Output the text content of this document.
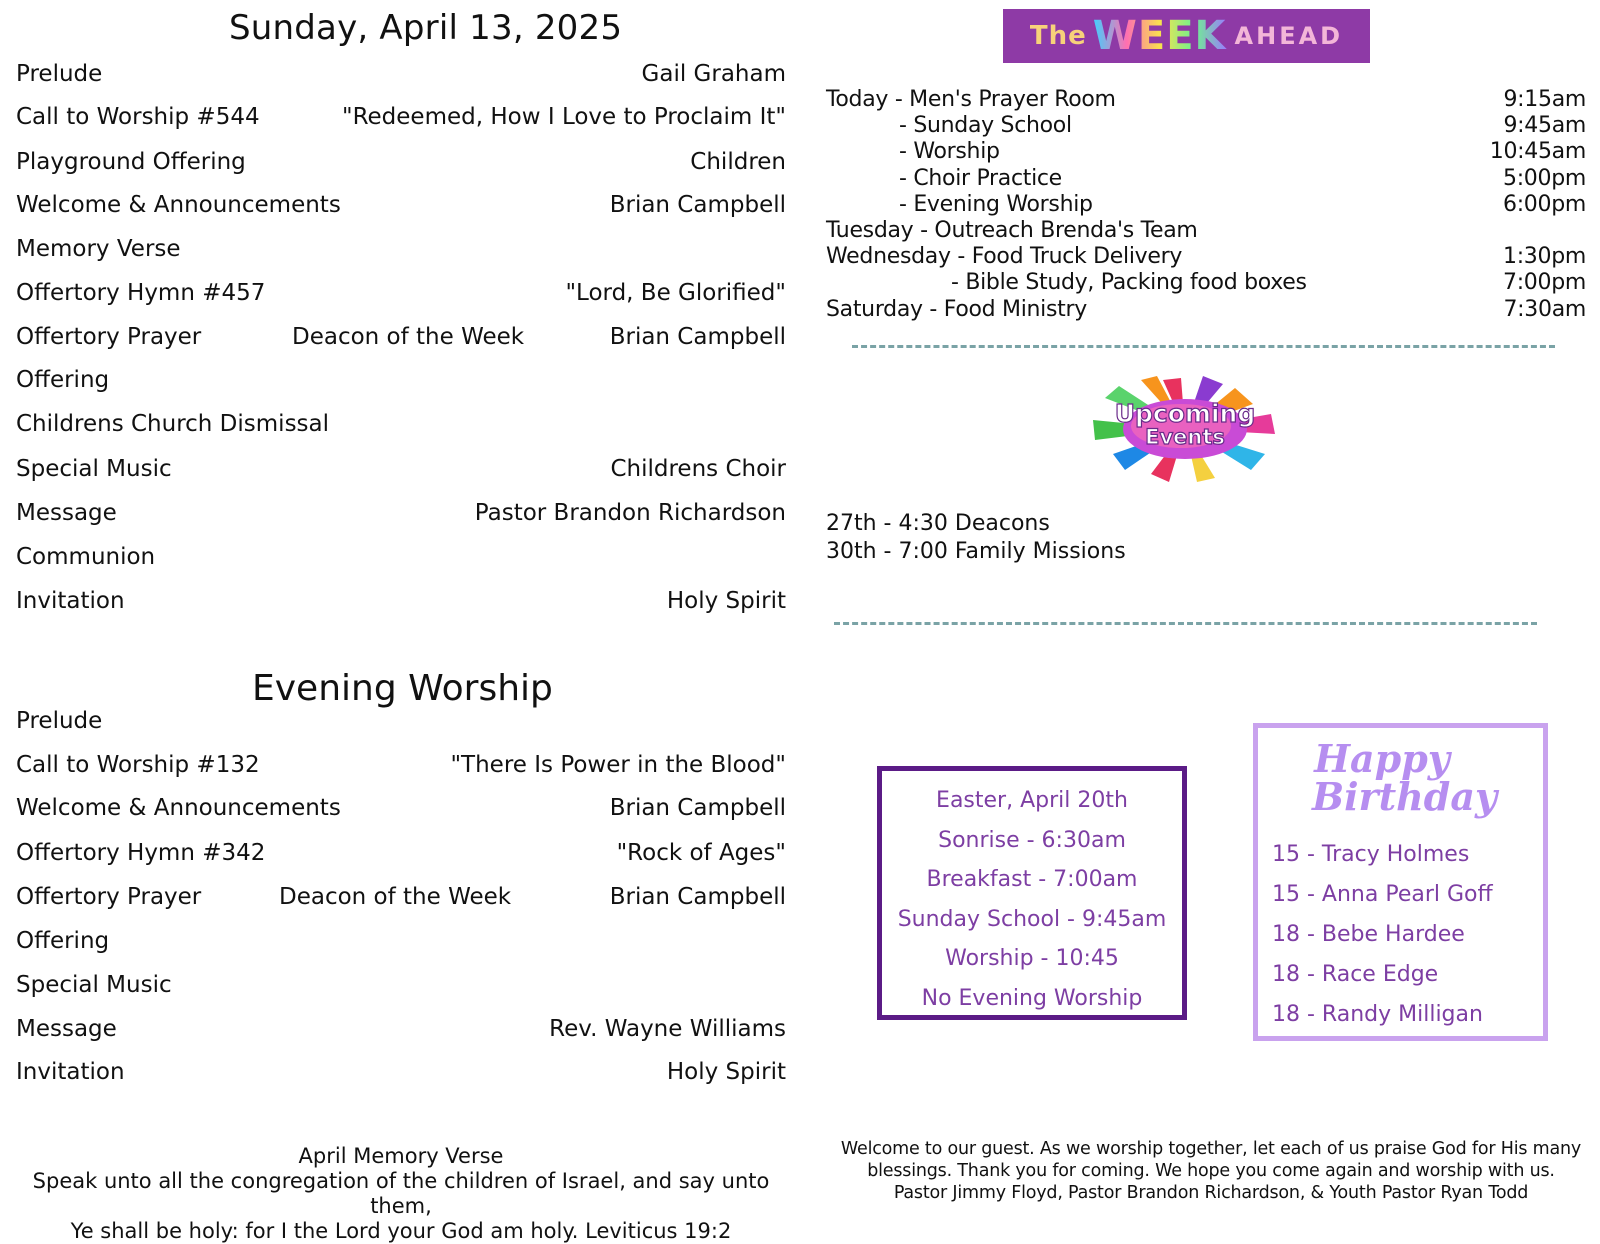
Sunday, April 13, 2025
Prelude	Gail Graham
Call to Worship #544	"Redeemed, How I Love to Proclaim It"
Playground Offering	Children
Welcome & Announcements	Brian Campbell
Memory Verse
Offertory Hymn #457	"Lord, Be Glorified"
Offertory Prayer	Deacon of the Week	Brian Campbell
Offering
Childrens Church Dismissal
Special Music	Childrens Choir
Message	Pastor Brandon Richardson
Communion
Invitation	Holy Spirit
Evening Worship
Prelude
Call to Worship #132	"There Is Power in the Blood"
Welcome & Announcements	Brian Campbell
Offertory Hymn #342	"Rock of Ages"
Offertory Prayer	Deacon of the Week	Brian Campbell
Offering
Special Music
Message	Rev. Wayne Williams
Invitation	Holy Spirit
April Memory Verse
Speak unto all the congregation of the children of Israel, and say unto them,
Ye shall be holy: for I the Lord your God am holy. Leviticus 19:2
The WEEK AHEAD
Today - Men's Prayer Room	9:15am
- Sunday School	9:45am
- Worship	10:45am
- Choir Practice	5:00pm
- Evening Worship	6:00pm
Tuesday - Outreach Brenda's Team
Wednesday - Food Truck Delivery	1:30pm
- Bible Study, Packing food boxes	7:00pm
Saturday - Food Ministry	7:30am
Upcoming
Events
27th - 4:30 Deacons
30th - 7:00 Family Missions
Easter, April 20th
Sonrise - 6:30am
Breakfast - 7:00am
Sunday School - 9:45am
Worship - 10:45
No Evening Worship
Happy
Birthday
15 - Tracy Holmes
15 - Anna Pearl Goff
18 - Bebe Hardee
18 - Race Edge
18 - Randy Milligan
Welcome to our guest. As we worship together, let each of us praise God for His many
blessings. Thank you for coming. We hope you come again and worship with us.
Pastor Jimmy Floyd, Pastor Brandon Richardson, & Youth Pastor Ryan Todd
